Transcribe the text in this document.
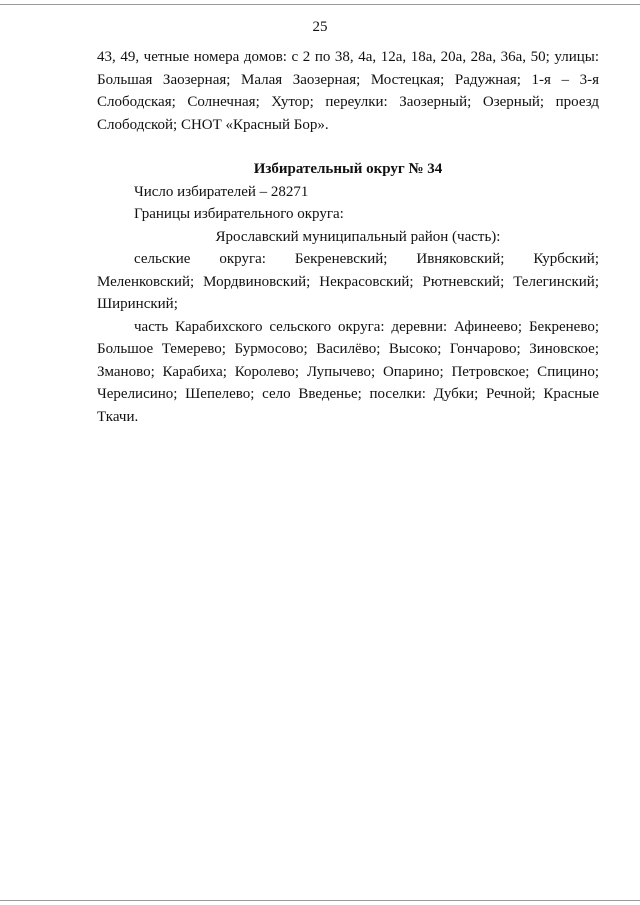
25

43, 49, четные номера домов: с 2 по 38, 4а, 12а, 18а, 20а, 28а, 36а, 50; улицы: Большая Заозерная; Малая Заозерная; Мостецкая; Радужная; 1-я – 3-я Слободская; Солнечная; Хутор; переулки: Заозерный; Озерный; проезд Слободской; СНОТ «Красный Бор».

Избирательный округ № 34

Число избирателей – 28271

Границы избирательного округа:

Ярославский муниципальный район (часть):

сельские округа: Бекреневский; Ивняковский; Курбский; Меленковский; Мордвиновский; Некрасовский; Рютневский; Телегинский; Ширинский;

часть Карабихского сельского округа: деревни: Афинеево; Бекренево; Большое Темерево; Бурмосово; Василёво; Высоко; Гончарово; Зиновское; Зманово; Карабиха; Королево; Лупычево; Опарино; Петровское; Спицино; Черелисино; Шепелево; село Введенье; поселки: Дубки; Речной; Красные Ткачи.
